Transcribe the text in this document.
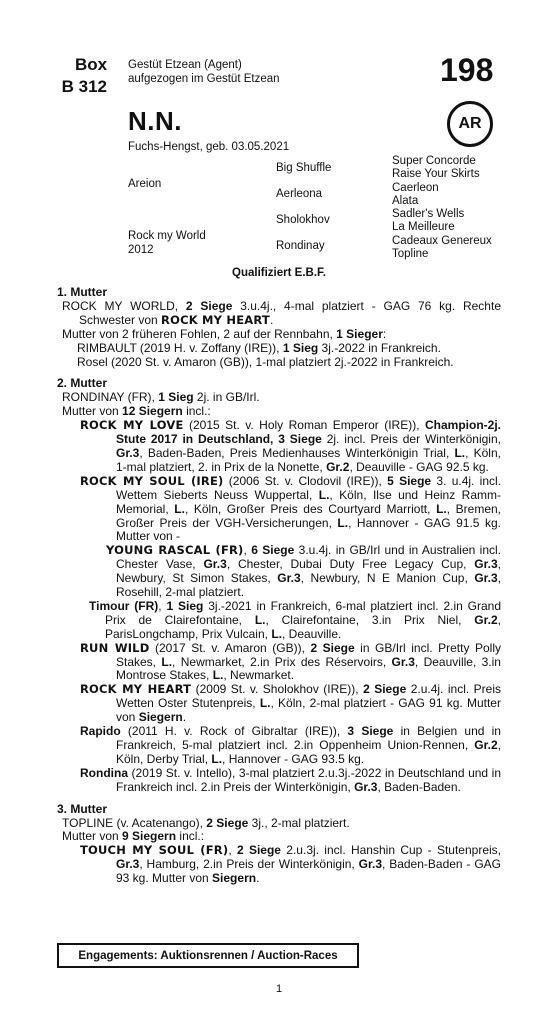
Box
B 312
Gestüt Etzean (Agent)
aufgezogen im Gestüt Etzean	198
N.N.	AR
Fuchs-Hengst, geb. 03.05.2021
Areion
Rock my World
2012
Big Shuffle
Aerleona
Sholokhov
Rondinay
Super Concorde
Raise Your Skirts
Caerleon
Alata
Sadler's Wells
La Meilleure
Cadeaux Genereux
Topline
Qualifiziert E.B.F.
1. Mutter
ROCK MY WORLD, 2 Siege 3.u.4j., 4-mal platziert - GAG 76 kg. Rechte Schwester von ROCK MY HEART.
Mutter von 2 früheren Fohlen, 2 auf der Rennbahn, 1 Sieger:
RIMBAULT (2019 H. v. Zoffany (IRE)), 1 Sieg 3j.-2022 in Frankreich.
Rosel (2020 St. v. Amaron (GB)), 1-mal platziert 2j.-2022 in Frankreich.
2. Mutter
RONDINAY (FR), 1 Sieg 2j. in GB/Irl.
Mutter von 12 Siegern incl.:
ROCK MY LOVE (2015 St. v. Holy Roman Emperor (IRE)), Champion-2j. Stute 2017 in Deutschland, 3 Siege 2j. incl. Preis der Winterkönigin, Gr.3, Baden-Baden, Preis Medienhauses Winterkönigin Trial, L., Köln, 1-mal platziert, 2. in Prix de la Nonette, Gr.2, Deauville - GAG 92.5 kg.
ROCK MY SOUL (IRE) (2006 St. v. Clodovil (IRE)), 5 Siege 3. u.4j. incl. Wettem Sieberts Neuss Wuppertal, L., Köln, Ilse und Heinz Ramm-Memorial, L., Köln, Großer Preis des Courtyard Marriott, L., Bremen, Großer Preis der VGH-Versicherungen, L., Hannover - GAG 91.5 kg. Mutter von -
YOUNG RASCAL (FR), 6 Siege 3.u.4j. in GB/Irl und in Australien incl. Chester Vase, Gr.3, Chester, Dubai Duty Free Legacy Cup, Gr.3, Newbury, St Simon Stakes, Gr.3, Newbury, N E Manion Cup, Gr.3, Rosehill, 2-mal platziert.
Timour (FR), 1 Sieg 3j.-2021 in Frankreich, 6-mal platziert incl. 2.in Grand Prix de Clairefontaine, L., Clairefontaine, 3.in Prix Niel, Gr.2, ParisLongchamp, Prix Vulcain, L., Deauville.
RUN WILD (2017 St. v. Amaron (GB)), 2 Siege in GB/Irl incl. Pretty Polly Stakes, L., Newmarket, 2.in Prix des Réservoirs, Gr.3, Deauville, 3.in Montrose Stakes, L., Newmarket.
ROCK MY HEART (2009 St. v. Sholokhov (IRE)), 2 Siege 2.u.4j. incl. Preis Wetten Oster Stutenpreis, L., Köln, 2-mal platziert - GAG 91 kg. Mutter von Siegern.
Rapido (2011 H. v. Rock of Gibraltar (IRE)), 3 Siege in Belgien und in Frankreich, 5-mal platziert incl. 2.in Oppenheim Union-Rennen, Gr.2, Köln, Derby Trial, L., Hannover - GAG 93.5 kg.
Rondina (2019 St. v. Intello), 3-mal platziert 2.u.3j.-2022 in Deutschland und in Frankreich incl. 2.in Preis der Winterkönigin, Gr.3, Baden-Baden.
3. Mutter
TOPLINE (v. Acatenango), 2 Siege 3j., 2-mal platziert.
Mutter von 9 Siegern incl.:
TOUCH MY SOUL (FR), 2 Siege 2.u.3j. incl. Hanshin Cup - Stutenpreis, Gr.3, Hamburg, 2.in Preis der Winterkönigin, Gr.3, Baden-Baden - GAG 93 kg. Mutter von Siegern.
Engagements: Auktionsrennen / Auction-Races
1
